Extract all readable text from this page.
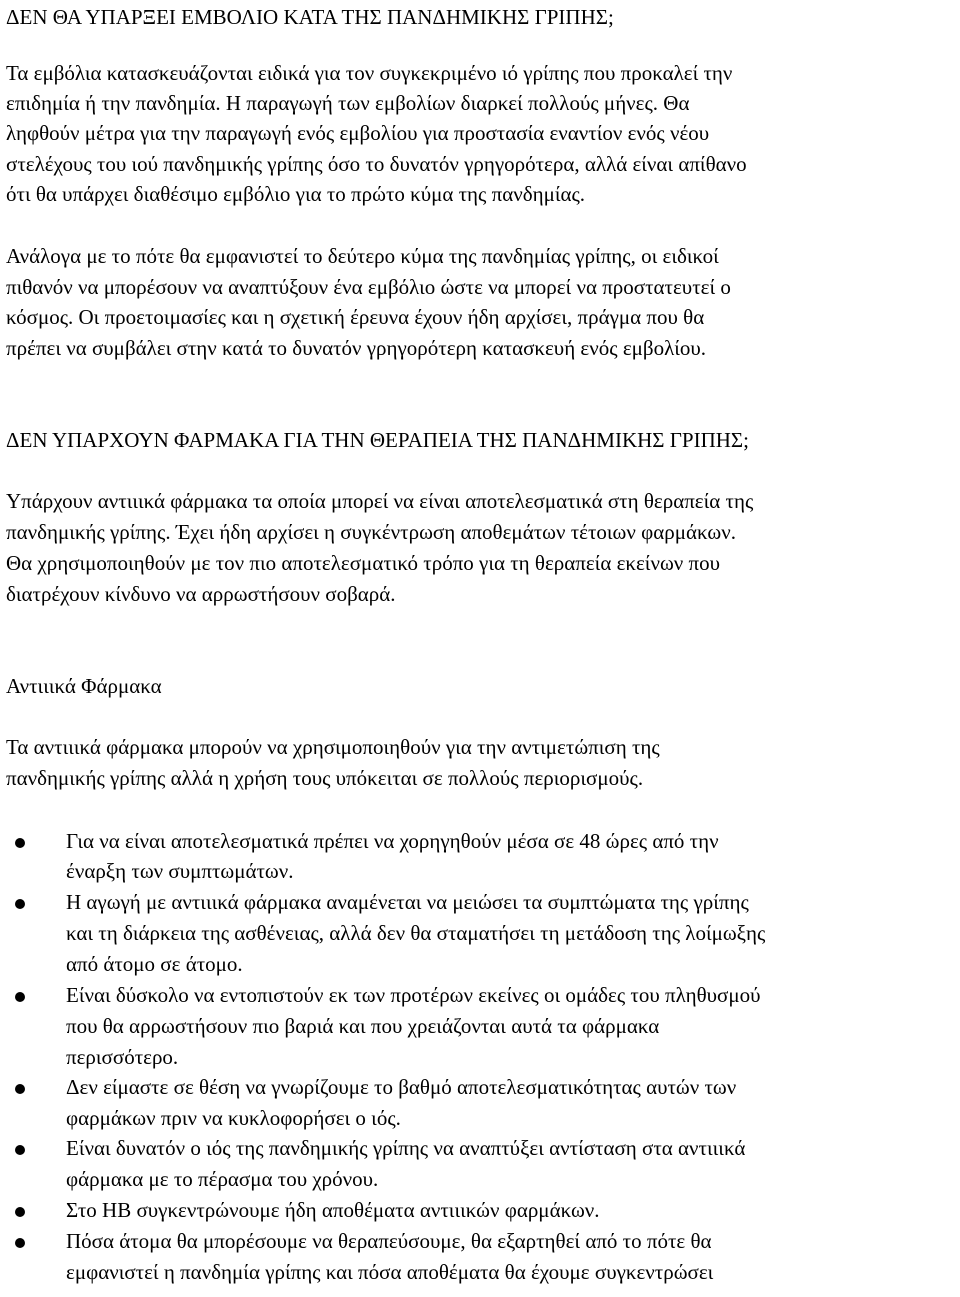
ΔΕΝ ΘΑ ΥΠΑΡΞΕΙ ΕΜΒΟΛΙΟ ΚΑΤΑ ΤΗΣ ΠΑΝΔΗΜΙΚΗΣ ΓΡΙΠΗΣ;
Τα εμβόλια κατασκευάζονται ειδικά για τον συγκεκριμένο ιό γρίπης που προκαλεί την
επιδημία ή την πανδημία. Η παραγωγή των εμβολίων διαρκεί πολλούς μήνες. Θα
ληφθούν μέτρα για την παραγωγή ενός εμβολίου για προστασία εναντίον ενός νέου
στελέχους του ιού πανδημικής γρίπης όσο το δυνατόν γρηγορότερα, αλλά είναι απίθανο
ότι θα υπάρχει διαθέσιμο εμβόλιο για το πρώτο κύμα της πανδημίας.
Ανάλογα με το πότε θα εμφανιστεί το δεύτερο κύμα της πανδημίας γρίπης, οι ειδικοί
πιθανόν να μπορέσουν να αναπτύξουν ένα εμβόλιο ώστε να μπορεί να προστατευτεί ο
κόσμος. Οι προετοιμασίες και η σχετική έρευνα έχουν ήδη αρχίσει, πράγμα που θα
πρέπει να συμβάλει στην κατά το δυνατόν γρηγορότερη κατασκευή ενός εμβολίου.
ΔΕΝ ΥΠΑΡΧΟΥΝ ΦΑΡΜΑΚΑ ΓΙΑ ΤΗΝ ΘΕΡΑΠΕΙΑ ΤΗΣ ΠΑΝΔΗΜΙΚΗΣ ΓΡΙΠΗΣ;
Υπάρχουν αντιιικά φάρμακα τα οποία μπορεί να είναι αποτελεσματικά στη θεραπεία της
πανδημικής γρίπης. Έχει ήδη αρχίσει η συγκέντρωση αποθεμάτων τέτοιων φαρμάκων.
Θα χρησιμοποιηθούν με τον πιο αποτελεσματικό τρόπο για τη θεραπεία εκείνων που
διατρέχουν κίνδυνο να αρρωστήσουν σοβαρά.
Αντιιικά Φάρμακα
Τα αντιιικά φάρμακα μπορούν να χρησιμοποιηθούν για την αντιμετώπιση της
πανδημικής γρίπης αλλά η χρήση τους υπόκειται σε πολλούς περιορισμούς.
Για να είναι αποτελεσματικά πρέπει να χορηγηθούν μέσα σε 48 ώρες από την
έναρξη των συμπτωμάτων.
Η αγωγή με αντιιικά φάρμακα αναμένεται να μειώσει τα συμπτώματα της γρίπης
και τη διάρκεια της ασθένειας, αλλά δεν θα σταματήσει τη μετάδοση της λοίμωξης
από άτομο σε άτομο.
Είναι δύσκολο να εντοπιστούν εκ των προτέρων εκείνες οι ομάδες του πληθυσμού
που θα αρρωστήσουν πιο βαριά και που χρειάζονται αυτά τα φάρμακα
περισσότερο.
Δεν είμαστε σε θέση να γνωρίζουμε το βαθμό αποτελεσματικότητας αυτών των
φαρμάκων πριν να κυκλοφορήσει ο ιός.
Είναι δυνατόν ο ιός της πανδημικής γρίπης να αναπτύξει αντίσταση στα αντιιικά
φάρμακα με το πέρασμα του χρόνου.
Στο ΗΒ συγκεντρώνουμε ήδη αποθέματα αντιιικών φαρμάκων.
Πόσα άτομα θα μπορέσουμε να θεραπεύσουμε, θα εξαρτηθεί από το πότε θα
εμφανιστεί η πανδημία γρίπης και πόσα αποθέματα θα έχουμε συγκεντρώσει
